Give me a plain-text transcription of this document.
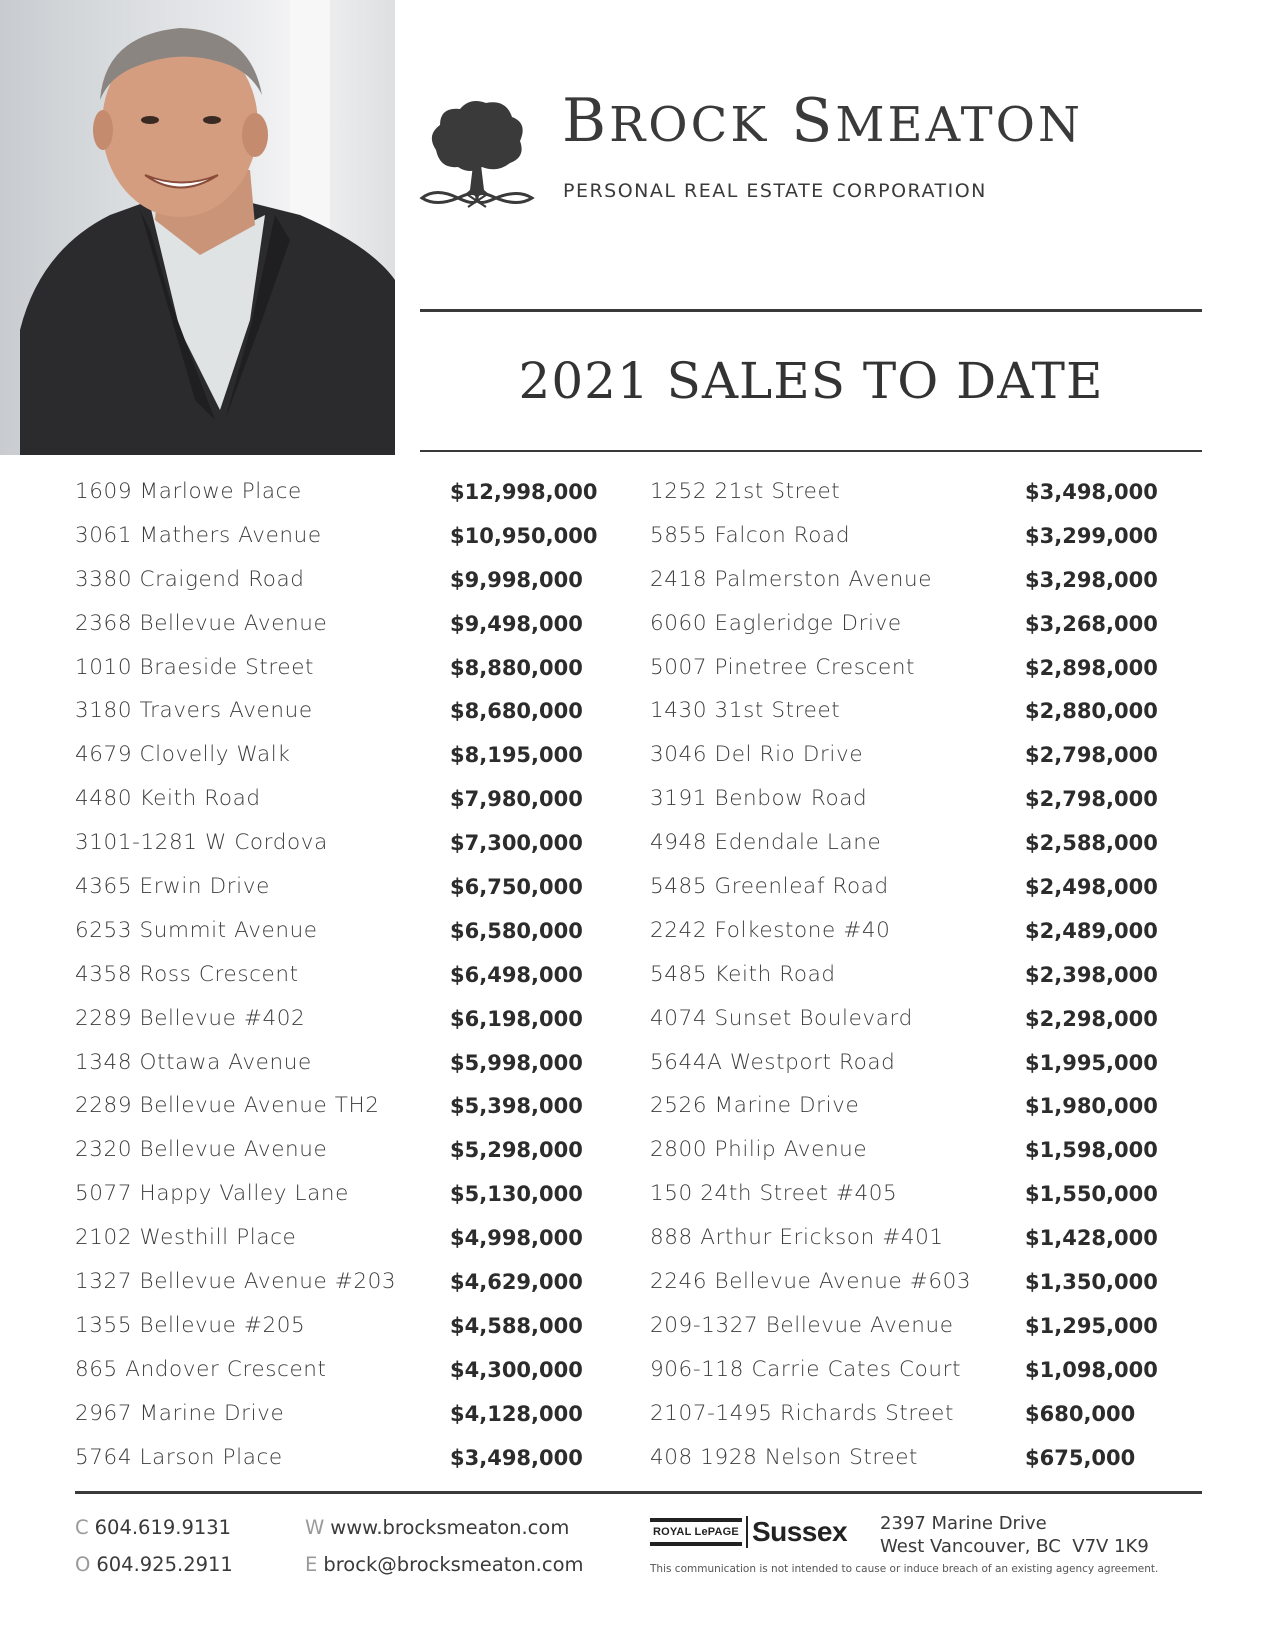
BROCK SMEATON
PERSONAL REAL ESTATE CORPORATION
2021 SALES TO DATE
1609 Marlowe Place	$12,998,000
3061 Mathers Avenue	$10,950,000
3380 Craigend Road	$9,998,000
2368 Bellevue Avenue	$9,498,000
1010 Braeside Street	$8,880,000
3180 Travers Avenue	$8,680,000
4679 Clovelly Walk	$8,195,000
4480 Keith Road	$7,980,000
3101-1281 W Cordova	$7,300,000
4365 Erwin Drive	$6,750,000
6253 Summit Avenue	$6,580,000
4358 Ross Crescent	$6,498,000
2289 Bellevue #402	$6,198,000
1348 Ottawa Avenue	$5,998,000
2289 Bellevue Avenue TH2	$5,398,000
2320 Bellevue Avenue	$5,298,000
5077 Happy Valley Lane	$5,130,000
2102 Westhill Place	$4,998,000
1327 Bellevue Avenue #203	$4,629,000
1355 Bellevue #205	$4,588,000
865 Andover Crescent	$4,300,000
2967 Marine Drive	$4,128,000
5764 Larson Place	$3,498,000
1252 21st Street	$3,498,000
5855 Falcon Road	$3,299,000
2418 Palmerston Avenue	$3,298,000
6060 Eagleridge Drive	$3,268,000
5007 Pinetree Crescent	$2,898,000
1430 31st Street	$2,880,000
3046 Del Rio Drive	$2,798,000
3191 Benbow Road	$2,798,000
4948 Edendale Lane	$2,588,000
5485 Greenleaf Road	$2,498,000
2242 Folkestone #40	$2,489,000
5485 Keith Road	$2,398,000
4074 Sunset Boulevard	$2,298,000
5644A Westport Road	$1,995,000
2526 Marine Drive	$1,980,000
2800 Philip Avenue	$1,598,000
150 24th Street #405	$1,550,000
888 Arthur Erickson #401	$1,428,000
2246 Bellevue Avenue #603	$1,350,000
209-1327 Bellevue Avenue	$1,295,000
906-118 Carrie Cates Court	$1,098,000
2107-1495 Richards Street	$680,000
408 1928 Nelson Street	$675,000
C 604.619.9131
O 604.925.2911
W www.brocksmeaton.com
E brock@brocksmeaton.com
ROYAL LePAGE Sussex 2397 Marine Drive
West Vancouver, BC  V7V 1K9
This communication is not intended to cause or induce breach of an existing agency agreement.
